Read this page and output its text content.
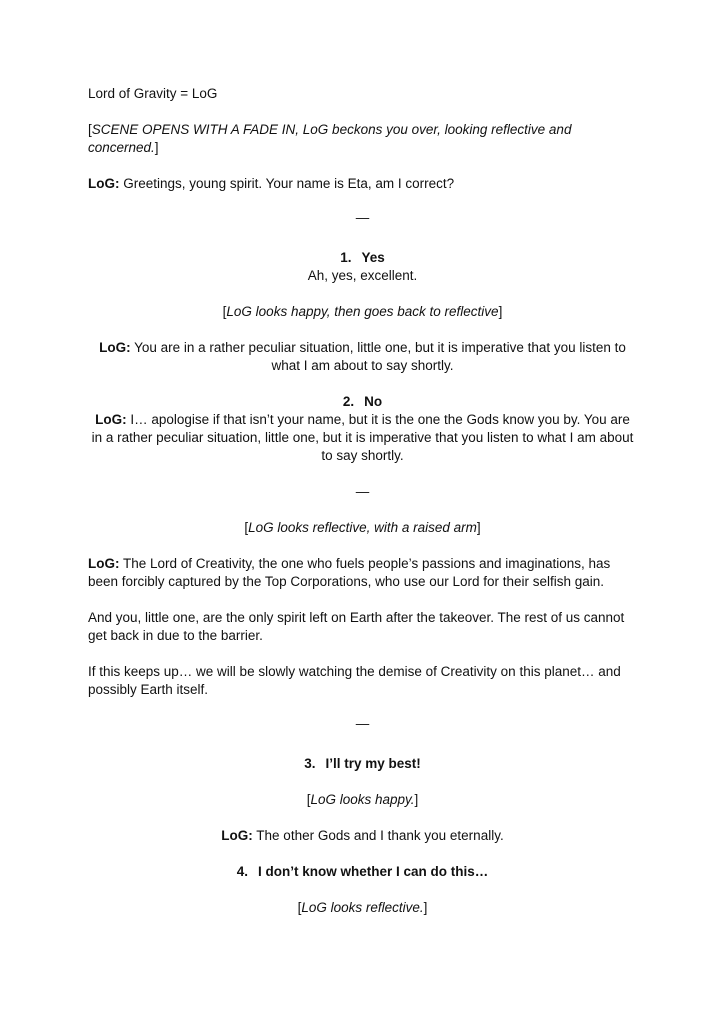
Lord of Gravity = LoG

[SCENE OPENS WITH A FADE IN, LoG beckons you over, looking reflective and concerned.]

LoG: Greetings, young spirit. Your name is Eta, am I correct?

—

1. Yes

Ah, yes, excellent.

[LoG looks happy, then goes back to reflective]

LoG: You are in a rather peculiar situation, little one, but it is imperative that you listen to what I am about to say shortly.

2. No

LoG: I… apologise if that isn’t your name, but it is the one the Gods know you by. You are in a rather peculiar situation, little one, but it is imperative that you listen to what I am about to say shortly.

—

[LoG looks reflective, with a raised arm]

LoG: The Lord of Creativity, the one who fuels people’s passions and imaginations, has been forcibly captured by the Top Corporations, who use our Lord for their selfish gain.

And you, little one, are the only spirit left on Earth after the takeover. The rest of us cannot get back in due to the barrier.

If this keeps up… we will be slowly watching the demise of Creativity on this planet… and possibly Earth itself.

—

3. I’ll try my best!

[LoG looks happy.]

LoG: The other Gods and I thank you eternally.

4. I don’t know whether I can do this…

[LoG looks reflective.]
